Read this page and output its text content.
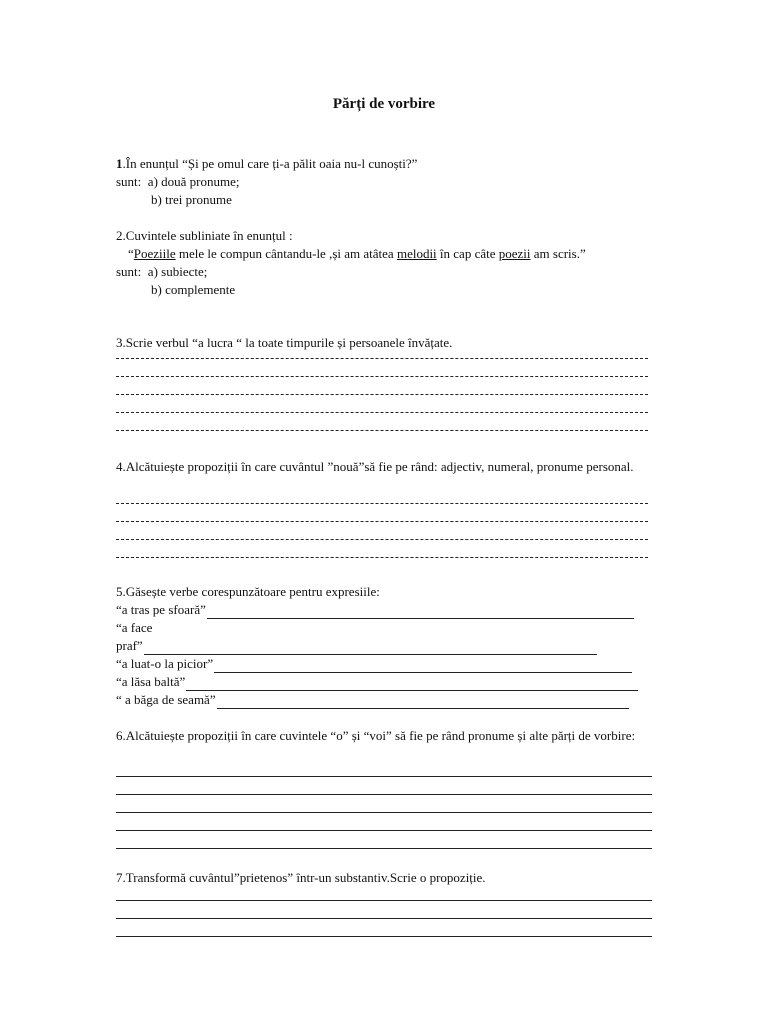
Părți de vorbire
1.În enunțul “Și pe omul care ți-a pălit oaia nu-l cunoști?”
sunt: a) două pronume;
b) trei pronume
2.Cuvintele subliniate în enunțul :
“Poeziile mele le compun cântandu-le ,și am atâtea melodii în cap câte poezii am scris.”
sunt: a) subiecte;
b) complemente
3.Scrie verbul “a lucra “ la toate timpurile și persoanele învățate.
4.Alcătuiește propoziții în care cuvântul ”nouă”să fie pe rând: adjectiv, numeral, pronume personal.
5.Găsește verbe corespunzătoare pentru expresiile:
“a tras pe sfoară”
“a face
praf”
“a luat-o la picior”
“a lăsa baltă”
“ a băga de seamă”
6.Alcătuiește propoziții în care cuvintele “o” și “voi” să fie pe rând pronume și alte părți de vorbire:
7.Transformă cuvântul”prietenos” într-un substantiv.Scrie o propoziție.
